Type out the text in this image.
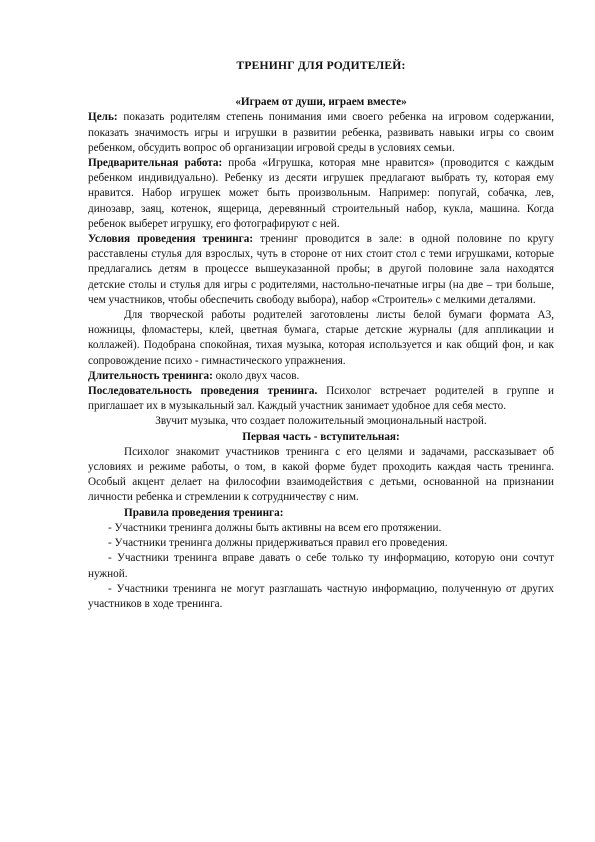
ТРЕНИНГ ДЛЯ РОДИТЕЛЕЙ:

«Играем от души, играем вместе»

Цель: показать родителям степень понимания ими своего ребенка на игровом содержании, показать значимость игры и игрушки в развитии ребенка, развивать навыки игры со своим ребенком, обсудить вопрос об организации игровой среды в условиях семьи.

Предварительная работа: проба «Игрушка, которая мне нравится» (проводится с каждым ребенком индивидуально). Ребенку из десяти игрушек предлагают выбрать ту, которая ему нравится. Набор игрушек может быть произвольным. Например: попугай, собачка, лев, динозавр, заяц, котенок, ящерица, деревянный строительный набор, кукла, машина. Когда ребенок выберет игрушку, его фотографируют с ней.

Условия проведения тренинга: тренинг проводится в зале: в одной половине по кругу расставлены стулья для взрослых, чуть в стороне от них стоит стол с теми игрушками, которые предлагались детям в процессе вышеуказанной пробы; в другой половине зала находятся детские столы и стулья для игры с родителями, настольно-печатные игры (на две – три больше, чем участников, чтобы обеспечить свободу выбора), набор «Строитель» с мелкими деталями.

Для творческой работы родителей заготовлены листы белой бумаги формата А3, ножницы, фломастеры, клей, цветная бумага, старые детские журналы (для аппликации и коллажей). Подобрана спокойная, тихая музыка, которая используется и как общий фон, и как сопровождение психо - гимнастического упражнения.

Длительность тренинга: около двух часов.

Последовательность проведения тренинга. Психолог встречает родителей в группе и приглашает их в музыкальный зал. Каждый участник занимает удобное для себя место.

Звучит музыка, что создает положительный эмоциональный настрой.

Первая часть - вступительная:

Психолог знакомит участников тренинга с его целями и задачами, рассказывает об условиях и режиме работы, о том, в какой форме будет проходить каждая часть тренинга. Особый акцент делает на философии взаимодействия с детьми, основанной на признании личности ребенка и стремлении к сотрудничеству с ним.

Правила проведения тренинга:

- Участники тренинга должны быть активны на всем его протяжении.

- Участники тренинга должны придерживаться правил его проведения.

- Участники тренинга вправе давать о себе только ту информацию, которую они сочтут нужной.

- Участники тренинга не могут разглашать частную информацию, полученную от других участников в ходе тренинга.
